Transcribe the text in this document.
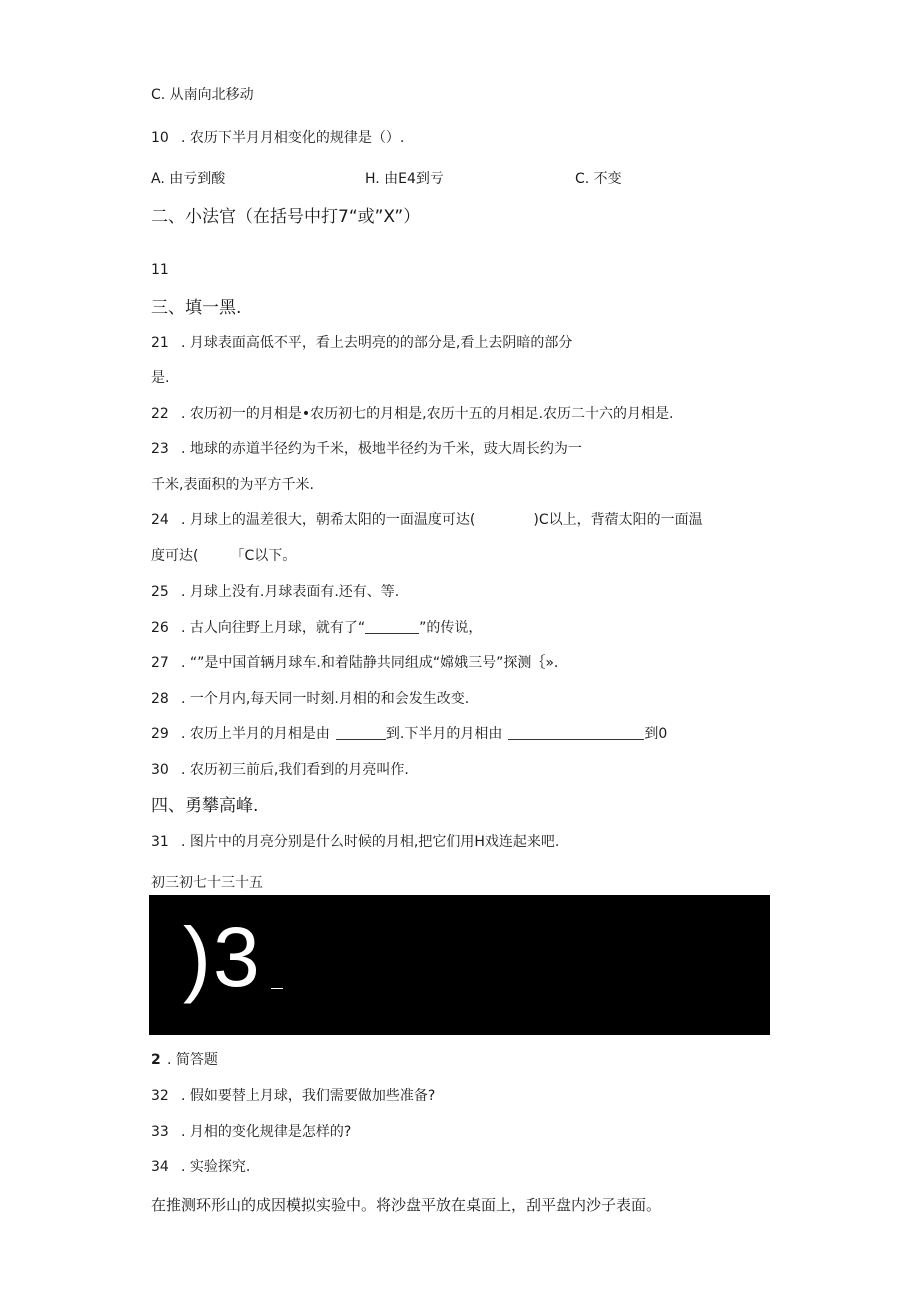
C. 从南向北移动
10 . 农历下半月月相变化的规律是（）.
A. 由亏到酸	H. 由E4到亏	C. 不变
二、小法官（在括号中打7“或”X”）
11
三、填一黑.
21 . 月球表面高低不平，看上去明亮的的部分是,看上去阴暗的部分
是.
22 . 农历初一的月相是•农历初七的月相是,农历十五的月相足.农历二十六的月相是.
23 . 地球的赤道半径约为千米，极地半径约为千米，豉大周长约为一
千米,表面积的为平方千米.
24 . 月球上的温差很大，朝希太阳的一面温度可达(	)C以上，背蓿太阳的一面温
度可达( 「C以下。
25 . 月球上没有.月球表面有.还有、等.
26 . 古人向往野上月球，就有了“	”的传说，
27 . “”是中国首辆月球车.和着陆静共同组成“嫦娥三号”探测｛».
28 . 一个月内,每天同一时刻.月相的和会发生改变.
29 . 农历上半月的月相是由	到.下半月的月相由	到0
30 . 农历初三前后,我们看到的月亮叫作.
四、勇攀高峰.
31 . 图片中的月亮分别是什么时候的月相,把它们用H戏连起来吧.
初三初七十三十五
)3
2 . 简答题
32 . 假如要替上月球，我们需要做加些准备?
33 . 月相的变化规律是怎样的?
34 . 实验探究.
在推测环形山的成因模拟实验中。将沙盘平放在桌面上，刮平盘内沙子表面。
